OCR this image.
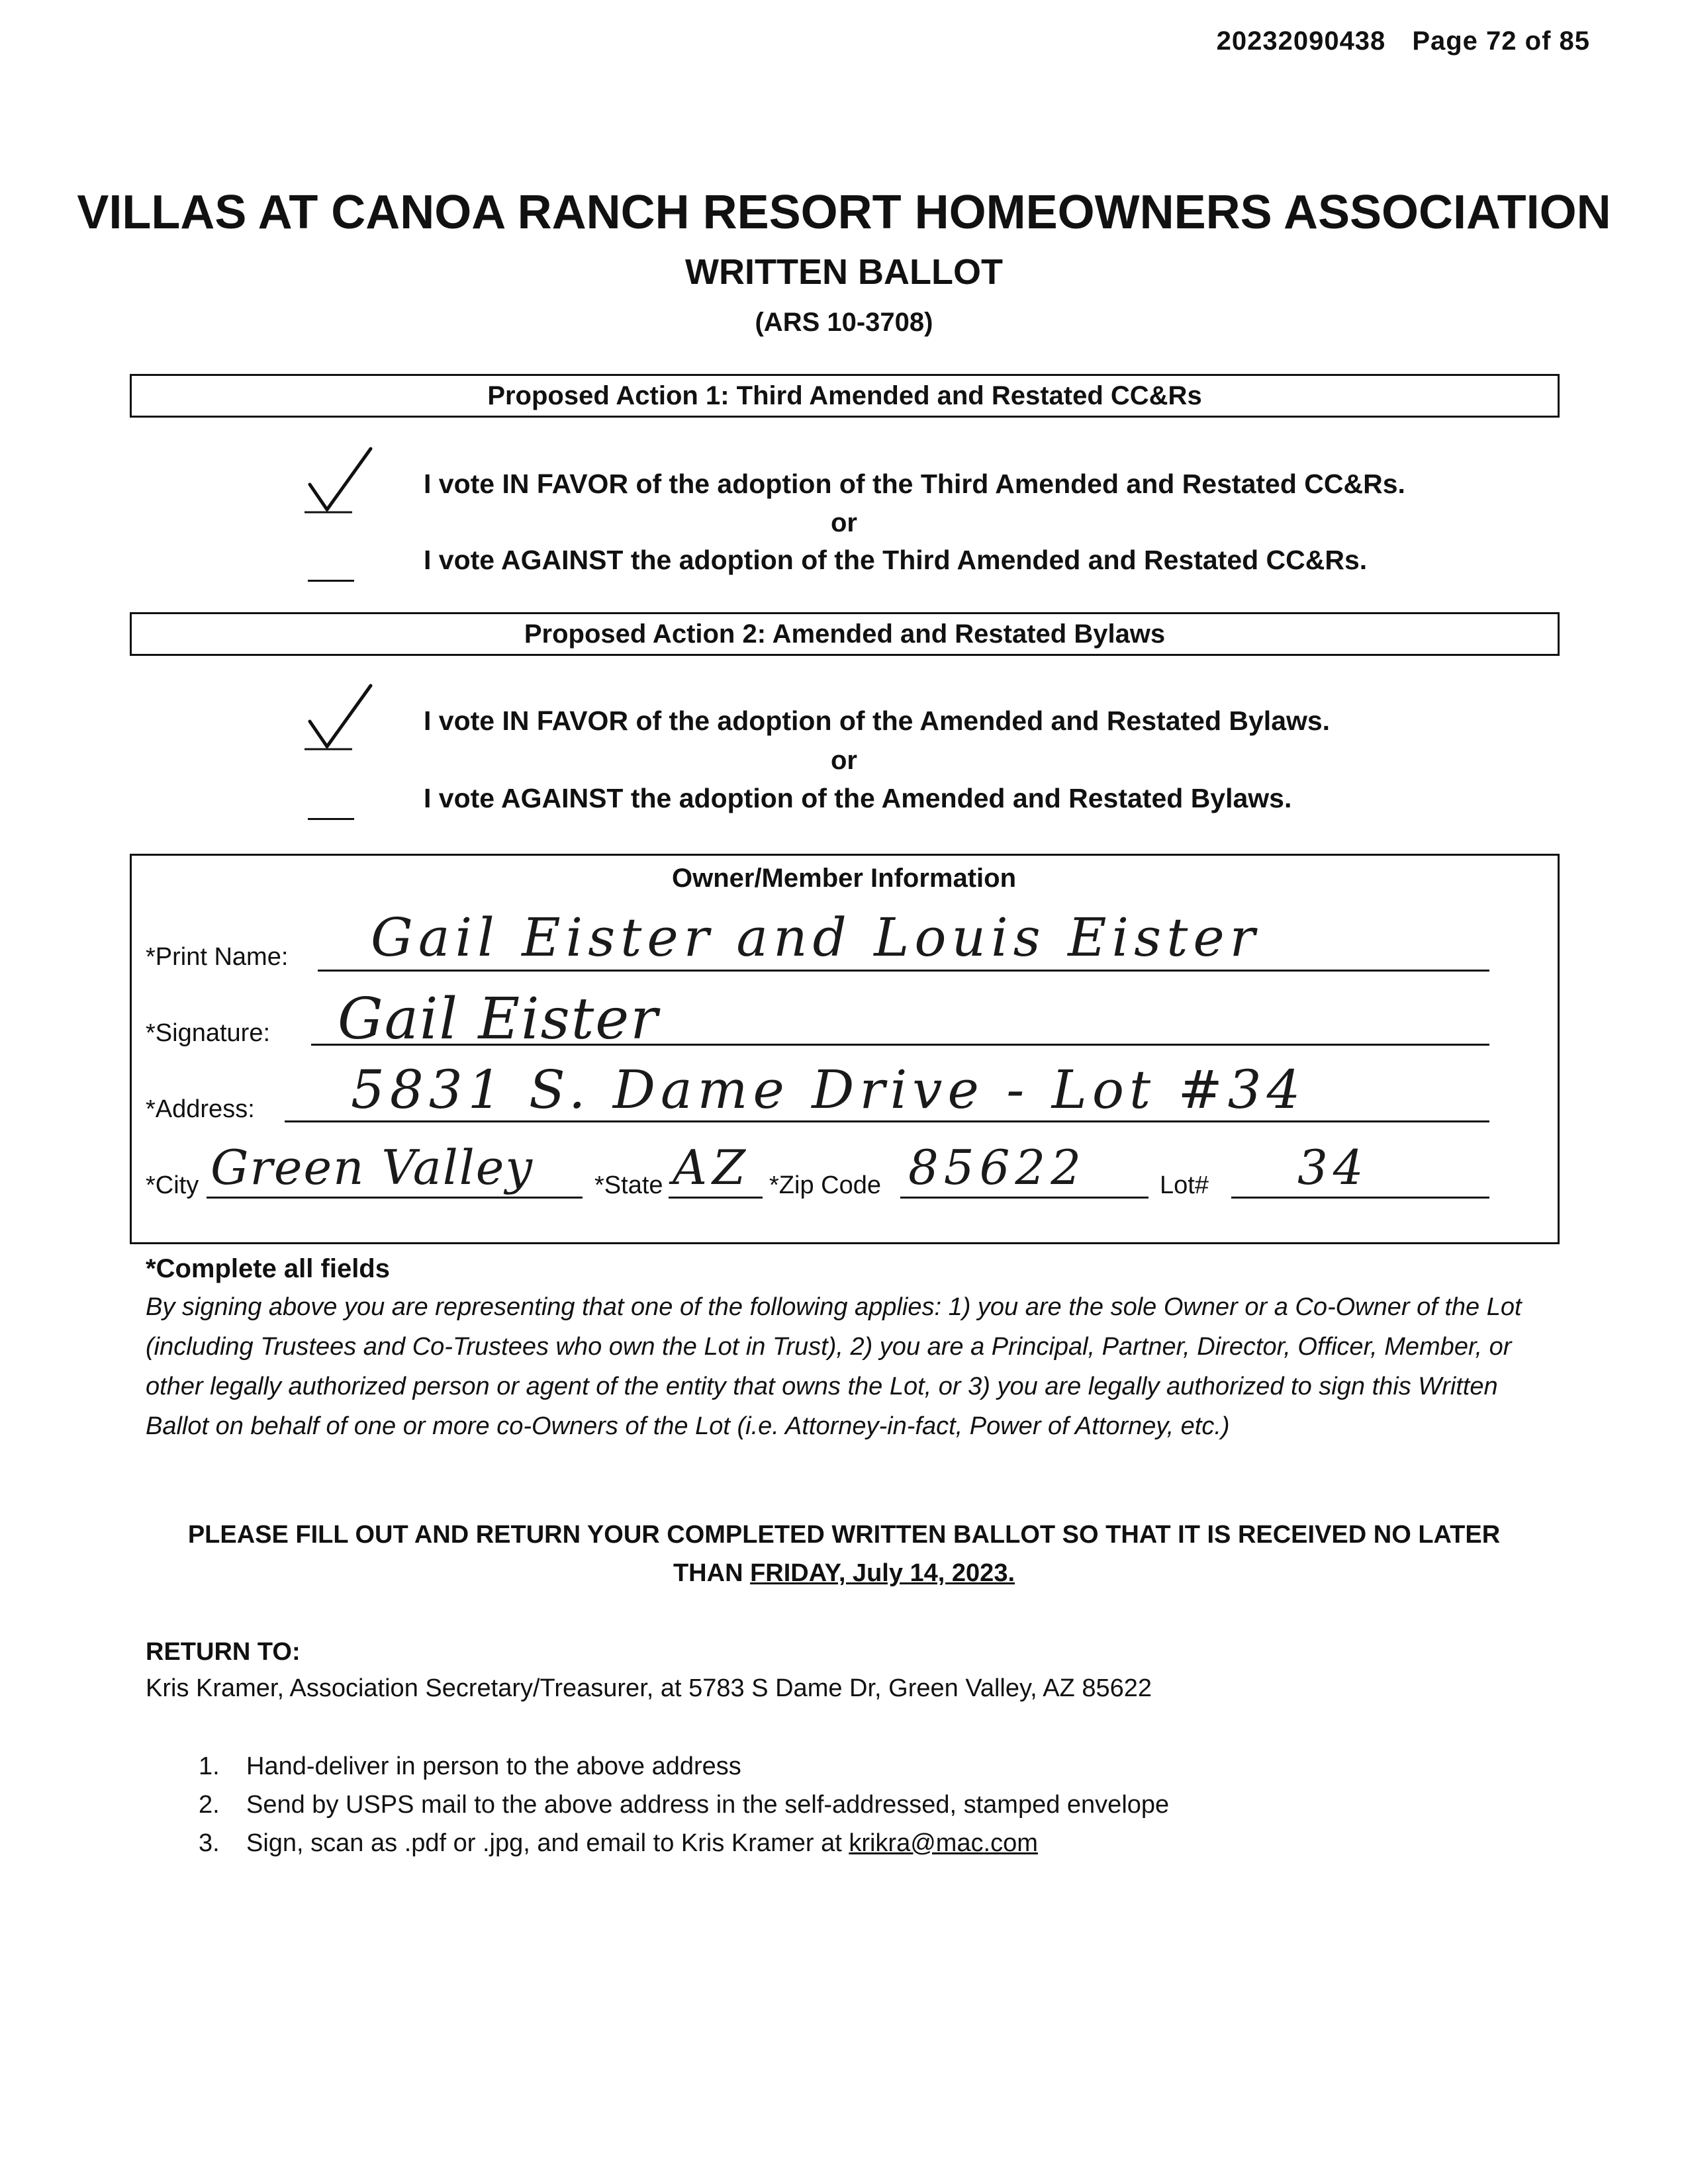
20232090438 Page 72 of 85
VILLAS AT CANOA RANCH RESORT HOMEOWNERS ASSOCIATION
WRITTEN BALLOT
(ARS 10-3708)
Proposed Action 1: Third Amended and Restated CC&Rs
I vote IN FAVOR of the adoption of the Third Amended and Restated CC&Rs.
or
I vote AGAINST the adoption of the Third Amended and Restated CC&Rs.
Proposed Action 2: Amended and Restated Bylaws
I vote IN FAVOR of the adoption of the Amended and Restated Bylaws.
or
I vote AGAINST the adoption of the Amended and Restated Bylaws.
Owner/Member Information
*Print Name: Gail Eister and Louis Eister
*Signature: Gail Eister
*Address: 5831 S. Dame Drive - Lot #34
*City Green Valley *State AZ *Zip Code 85622	Lot# 34
*Complete all fields
By signing above you are representing that one of the following applies: 1) you are the sole Owner or a Co-Owner of the Lot (including Trustees and Co-Trustees who own the Lot in Trust), 2) you are a Principal, Partner, Director, Officer, Member, or other legally authorized person or agent of the entity that owns the Lot, or 3) you are legally authorized to sign this Written Ballot on behalf of one or more co-Owners of the Lot (i.e. Attorney-in-fact, Power of Attorney, etc.)
PLEASE FILL OUT AND RETURN YOUR COMPLETED WRITTEN BALLOT SO THAT IT IS RECEIVED NO LATER THAN FRIDAY, July 14, 2023.
RETURN TO:
Kris Kramer, Association Secretary/Treasurer, at 5783 S Dame Dr, Green Valley, AZ 85622
1. Hand-deliver in person to the above address
2. Send by USPS mail to the above address in the self-addressed, stamped envelope
3. Sign, scan as .pdf or .jpg, and email to Kris Kramer at krikra@mac.com
